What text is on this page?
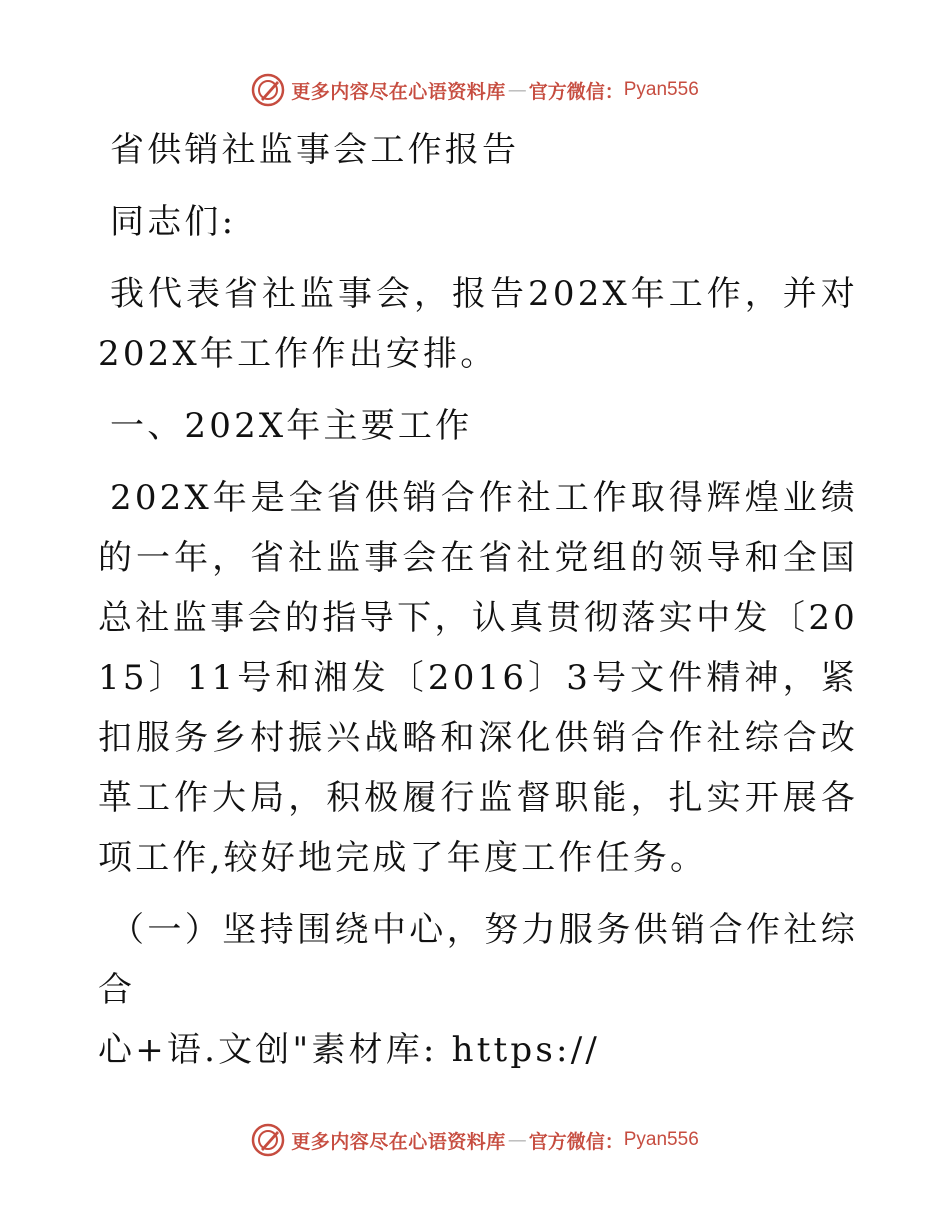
更多内容尽在心语资料库 — 官方微信： Pyan556

省供销社监事会工作报告

同志们:

我代表省社监事会，报告202X年工作，并对202X年工作作出安排。

一、202X年主要工作

202X年是全省供销合作社工作取得辉煌业绩的一年，省社监事会在省社党组的领导和全国总社监事会的指导下，认真贯彻落实中发〔2015〕11号和湘发〔2016〕3号文件精神，紧扣服务乡村振兴战略和深化供销合作社综合改革工作大局，积极履行监督职能，扎实开展各项工作,较好地完成了年度工作任务。

（一）坚持围绕中心，努力服务供销合作社综合

心+语.文创"素材库: https://

更多内容尽在心语资料库 — 官方微信： Pyan556
